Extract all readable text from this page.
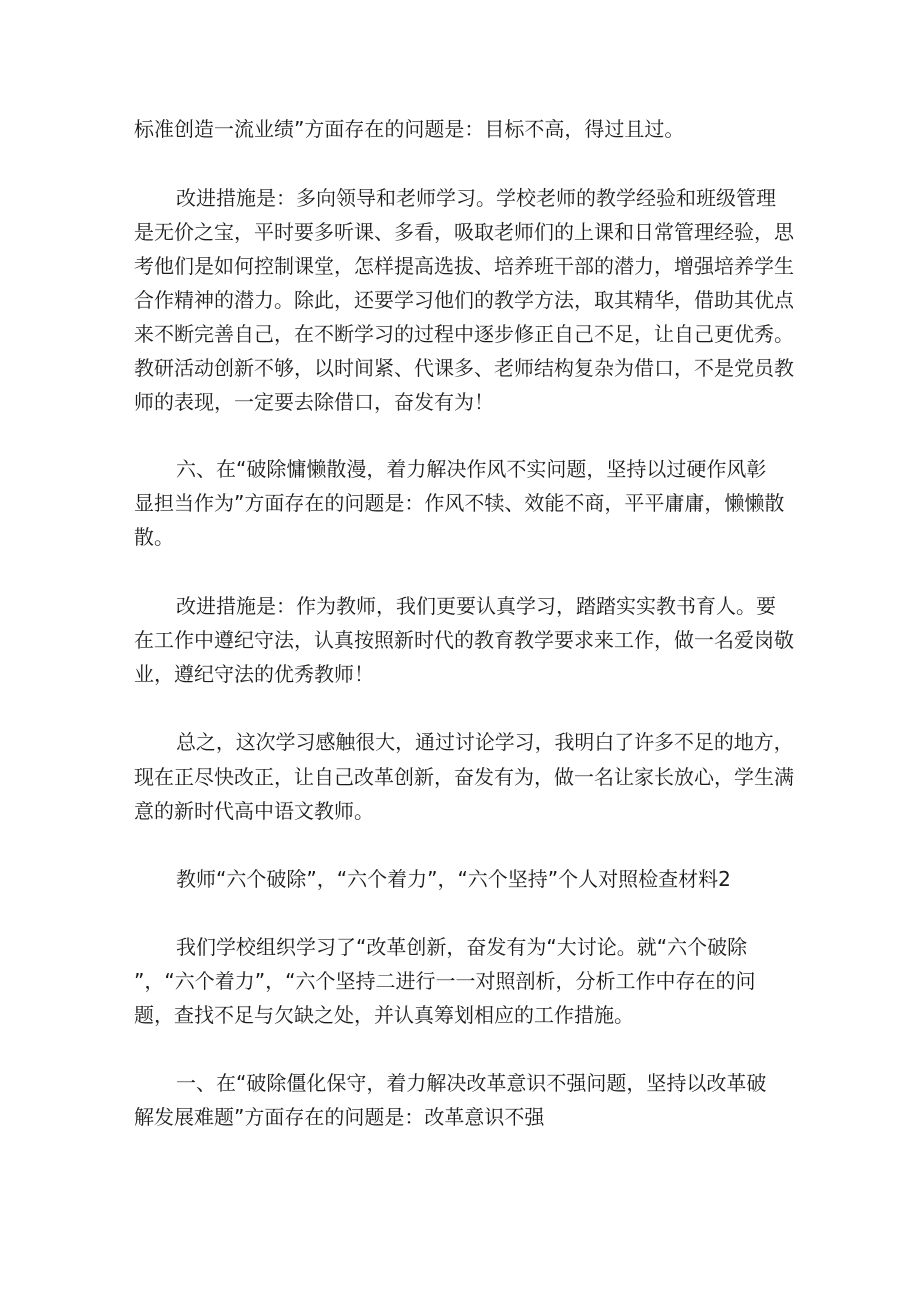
标准创造一流业绩”方面存在的问题是：目标不高，得过且过。
改进措施是：多向领导和老师学习。学校老师的教学经验和班级管理
是无价之宝，平时要多听课、多看，吸取老师们的上课和日常管理经验，思
考他们是如何控制课堂，怎样提高选拔、培养班干部的潜力，增强培养学生
合作精神的潜力。除此，还要学习他们的教学方法，取其精华，借助其优点
来不断完善自己，在不断学习的过程中逐步修正自己不足，让自己更优秀。
教研活动创新不够，以时间紧、代课多、老师结构复杂为借口，不是党员教
师的表现，一定要去除借口，奋发有为！
六、在“破除慵懒散漫，着力解决作风不实问题，坚持以过硬作风彰
显担当作为”方面存在的问题是：作风不犊、效能不商，平平庸庸，懒懒散
散。
改进措施是：作为教师，我们更要认真学习，踏踏实实教书育人。要
在工作中遵纪守法，认真按照新时代的教育教学要求来工作，做一名爱岗敬
业，遵纪守法的优秀教师！
总之，这次学习感触很大，通过讨论学习，我明白了许多不足的地方，
现在正尽快改正，让自己改革创新，奋发有为，做一名让家长放心，学生满
意的新时代高中语文教师。
教师“六个破除”，“六个着力”，“六个坚持”个人对照检查材料2
我们学校组织学习了“改革创新，奋发有为“大讨论。就“六个破除
”，“六个着力”，“六个坚持二进行一一对照剖析，分析工作中存在的问
题，查找不足与欠缺之处，并认真筹划相应的工作措施。
一、在“破除僵化保守，着力解决改革意识不强问题，坚持以改革破
解发展难题”方面存在的问题是：改革意识不强
